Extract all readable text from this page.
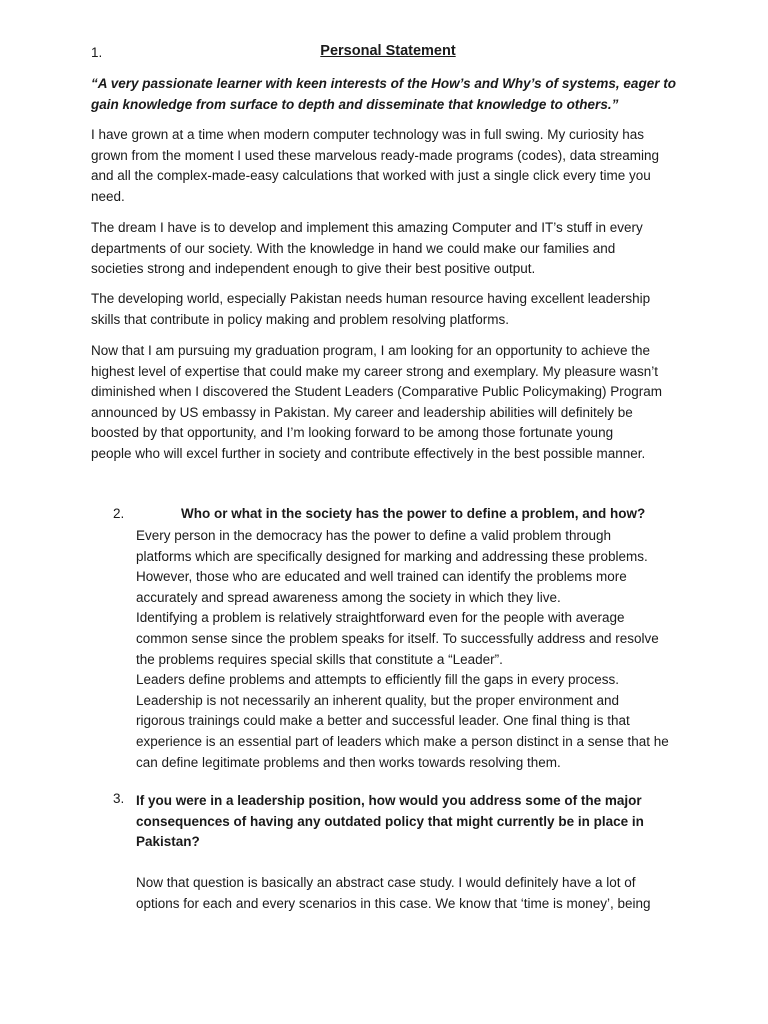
1.	Personal Statement
“A very passionate learner with keen interests of the How’s and Why’s of systems, eager to
gain knowledge from surface to depth and disseminate that knowledge to others.”
I have grown at a time when modern computer technology was in full swing. My curiosity has
grown from the moment I used these marvelous ready-made programs (codes), data streaming
and all the complex-made-easy calculations that worked with just a single click every time you
need.
The dream I have is to develop and implement this amazing Computer and IT’s stuff in every
departments of our society. With the knowledge in hand we could make our families and
societies strong and independent enough to give their best positive output.
The developing world, especially Pakistan needs human resource having excellent leadership
skills that contribute in policy making and problem resolving platforms.
Now that I am pursuing my graduation program, I am looking for an opportunity to achieve the
highest level of expertise that could make my career strong and exemplary. My pleasure wasn’t
diminished when I discovered the Student Leaders (Comparative Public Policymaking) Program
announced by US embassy in Pakistan. My career and leadership abilities will definitely be
boosted by that opportunity, and I’m looking forward to be among those fortunate young
people who will excel further in society and contribute effectively in the best possible manner.
2.	Who or what in the society has the power to define a problem, and how?
Every person in the democracy has the power to define a valid problem through
platforms which are specifically designed for marking and addressing these problems.
However, those who are educated and well trained can identify the problems more
accurately and spread awareness among the society in which they live.
Identifying a problem is relatively straightforward even for the people with average
common sense since the problem speaks for itself. To successfully address and resolve
the problems requires special skills that constitute a “Leader”.
Leaders define problems and attempts to efficiently fill the gaps in every process.
Leadership is not necessarily an inherent quality, but the proper environment and
rigorous trainings could make a better and successful leader. One final thing is that
experience is an essential part of leaders which make a person distinct in a sense that he
can define legitimate problems and then works towards resolving them.
3. If you were in a leadership position, how would you address some of the major
consequences of having any outdated policy that might currently be in place in
Pakistan?
Now that question is basically an abstract case study. I would definitely have a lot of
options for each and every scenarios in this case. We know that ‘time is money’, being
